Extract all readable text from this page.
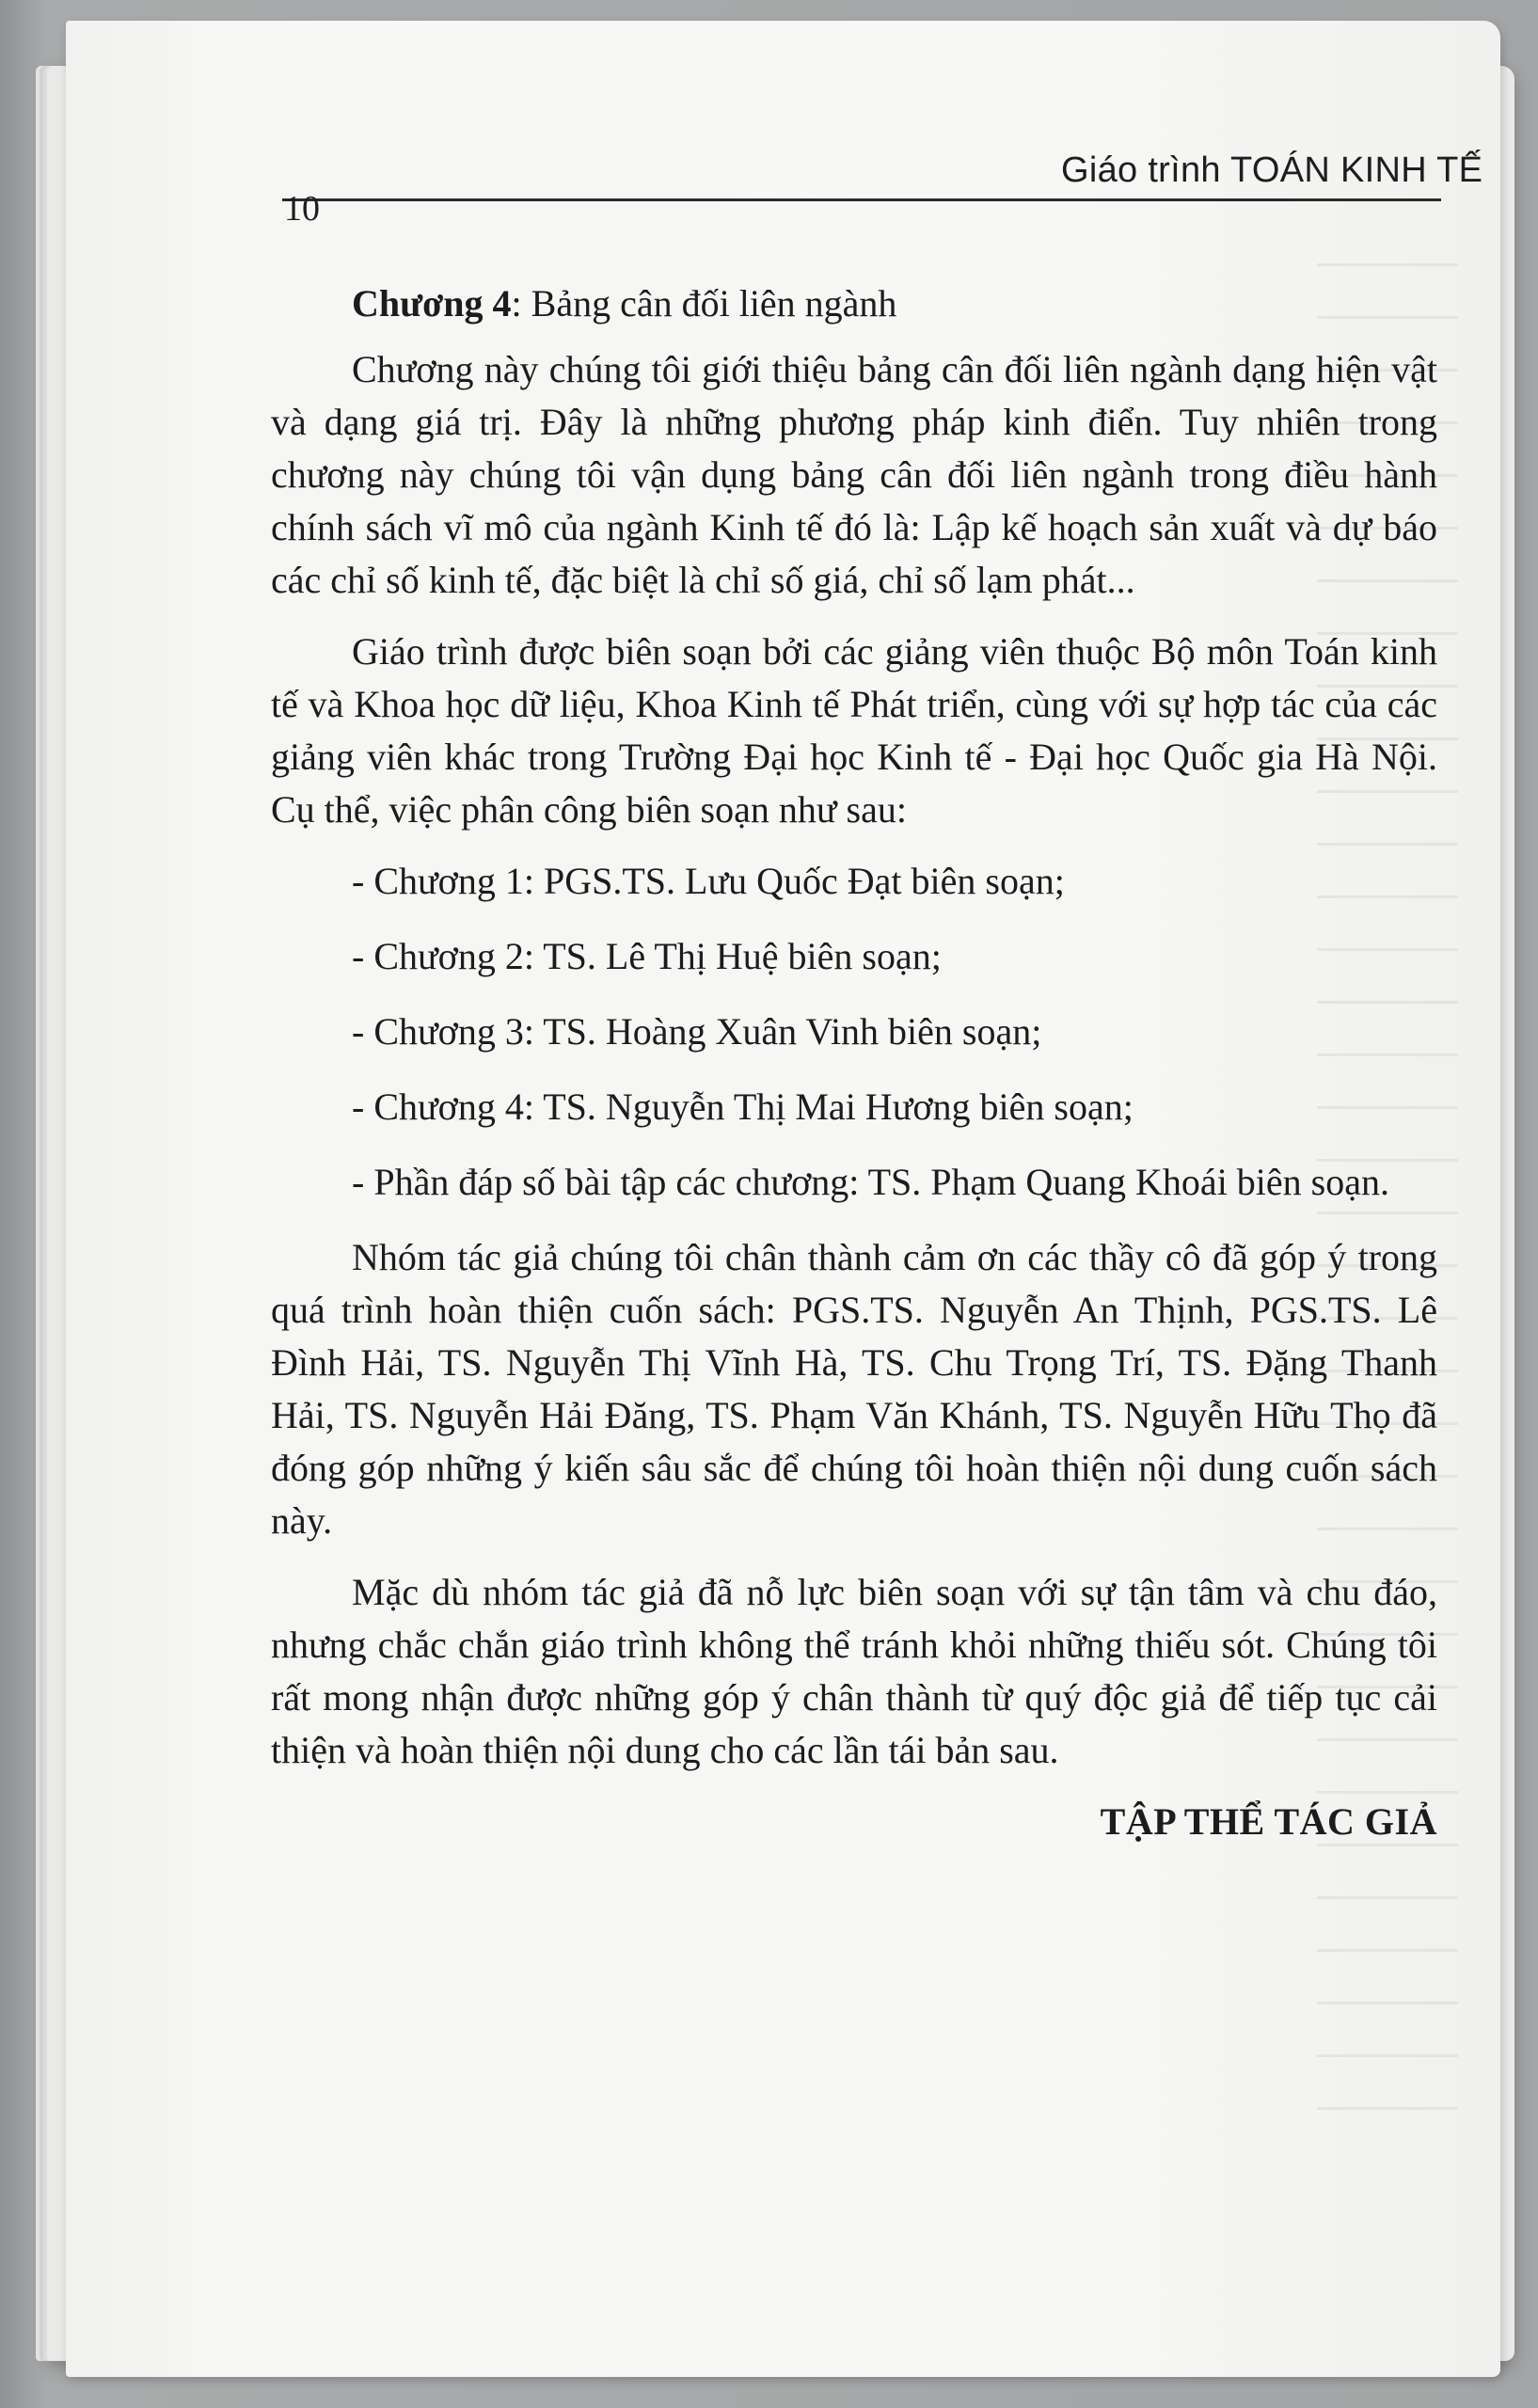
Giáo trình TOÁN KINH TẾ
10

Chương 4: Bảng cân đối liên ngành

Chương này chúng tôi giới thiệu bảng cân đối liên ngành dạng hiện vật và dạng giá trị. Đây là những phương pháp kinh điển. Tuy nhiên trong chương này chúng tôi vận dụng bảng cân đối liên ngành trong điều hành chính sách vĩ mô của ngành Kinh tế đó là: Lập kế hoạch sản xuất và dự báo các chỉ số kinh tế, đặc biệt là chỉ số giá, chỉ số lạm phát...

Giáo trình được biên soạn bởi các giảng viên thuộc Bộ môn Toán kinh tế và Khoa học dữ liệu, Khoa Kinh tế Phát triển, cùng với sự hợp tác của các giảng viên khác trong Trường Đại học Kinh tế - Đại học Quốc gia Hà Nội. Cụ thể, việc phân công biên soạn như sau:

- Chương 1: PGS.TS. Lưu Quốc Đạt biên soạn;

- Chương 2: TS. Lê Thị Huệ biên soạn;

- Chương 3: TS. Hoàng Xuân Vinh biên soạn;

- Chương 4: TS. Nguyễn Thị Mai Hương biên soạn;

- Phần đáp số bài tập các chương: TS. Phạm Quang Khoái biên soạn.

Nhóm tác giả chúng tôi chân thành cảm ơn các thầy cô đã góp ý trong quá trình hoàn thiện cuốn sách: PGS.TS. Nguyễn An Thịnh, PGS.TS. Lê Đình Hải, TS. Nguyễn Thị Vĩnh Hà, TS. Chu Trọng Trí, TS. Đặng Thanh Hải, TS. Nguyễn Hải Đăng, TS. Phạm Văn Khánh, TS. Nguyễn Hữu Thọ đã đóng góp những ý kiến sâu sắc để chúng tôi hoàn thiện nội dung cuốn sách này.

Mặc dù nhóm tác giả đã nỗ lực biên soạn với sự tận tâm và chu đáo, nhưng chắc chắn giáo trình không thể tránh khỏi những thiếu sót. Chúng tôi rất mong nhận được những góp ý chân thành từ quý độc giả để tiếp tục cải thiện và hoàn thiện nội dung cho các lần tái bản sau.

TẬP THỂ TÁC GIẢ
